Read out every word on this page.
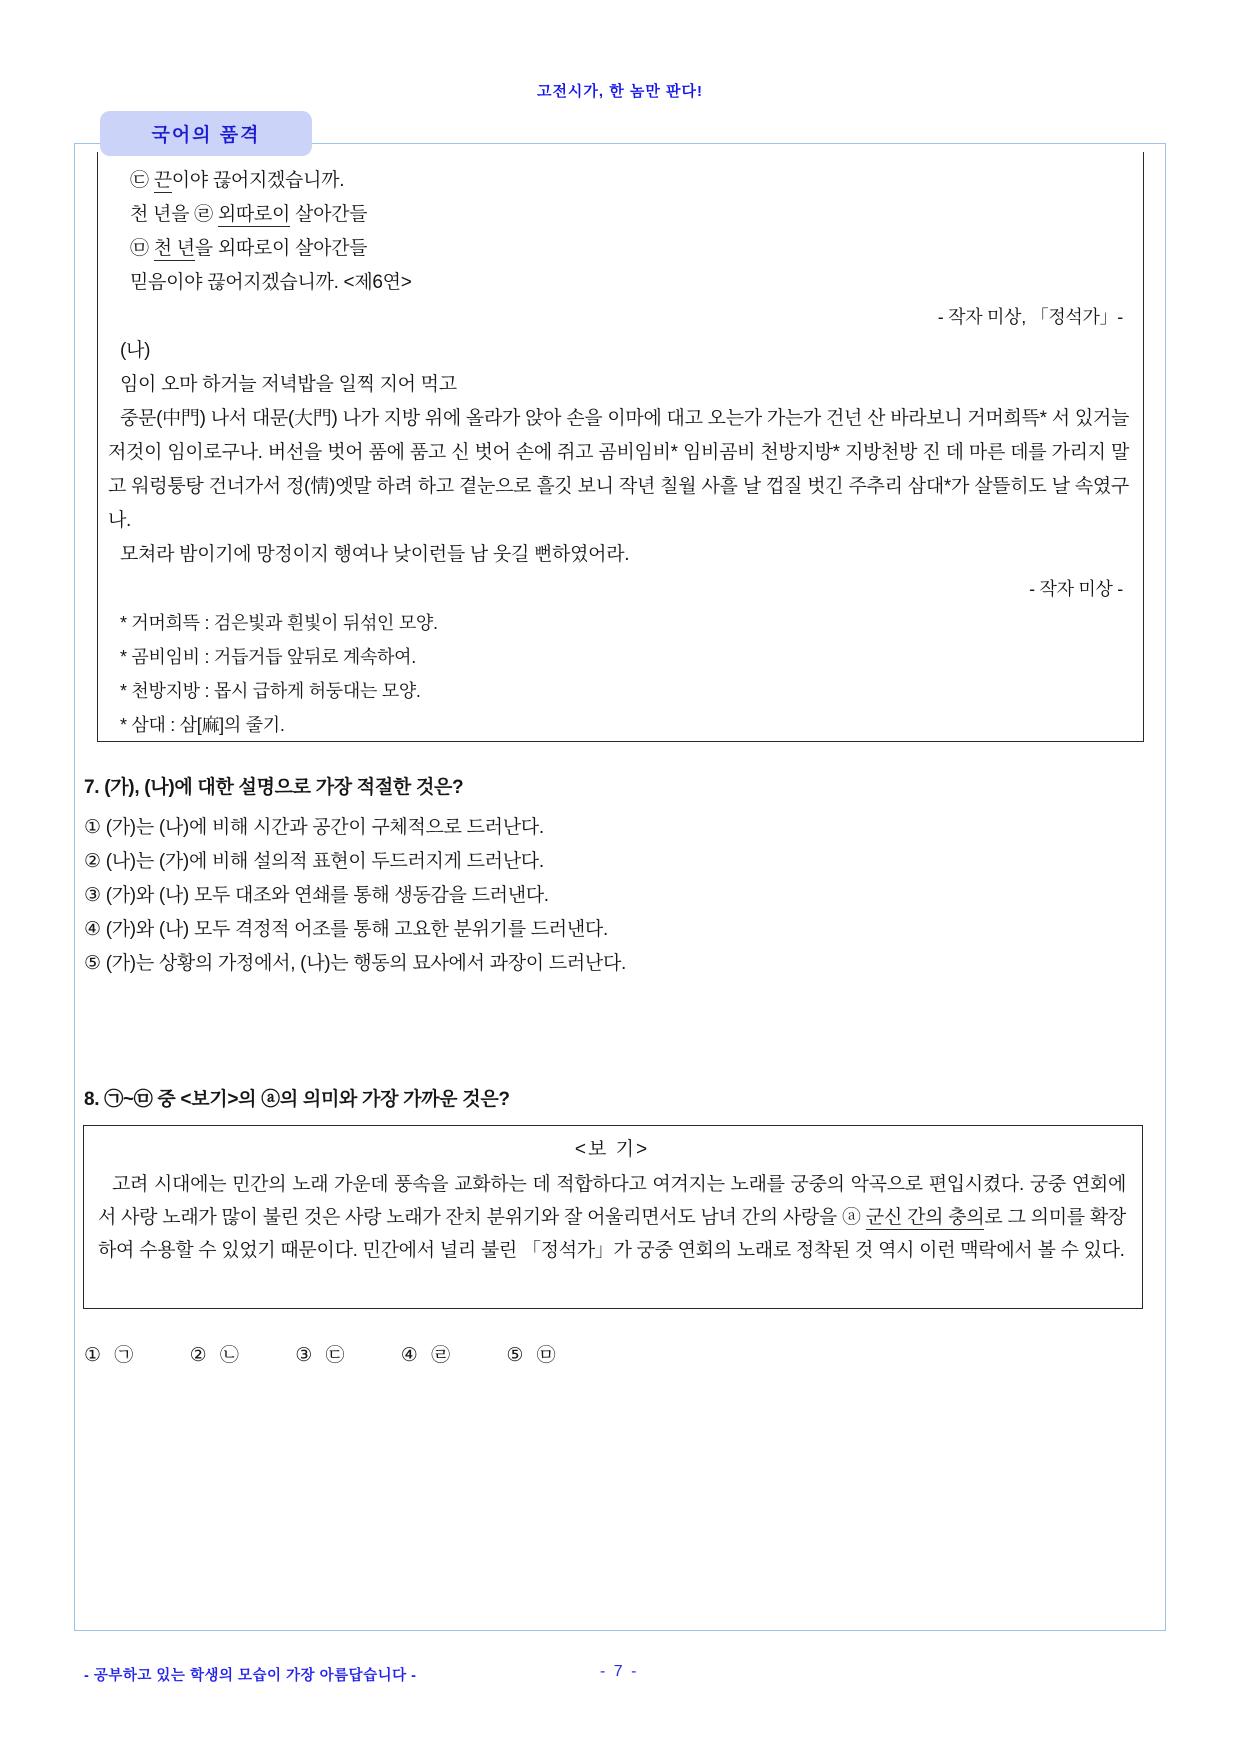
고전시가, 한 놈만 판다!
국어의 품격
㉢ 끈이야 끊어지겠습니까.
천 년을 ㉣ 외따로이 살아간들
㉤ 천 년을 외따로이 살아간들
믿음이야 끊어지겠습니까. <제6연>
- 작자 미상, 「정석가」-
(나)
임이 오마 하거늘 저녁밥을 일찍 지어 먹고

중문(中門) 나서 대문(大門) 나가 지방 위에 올라가 앉아 손을 이마에 대고 오는가 가는가 건넌 산 바라보니 거머희뜩* 서 있거늘 저것이 임이로구나. 버선을 벗어 품에 품고 신 벗어 손에 쥐고 곰비임비* 임비곰비 천방지방* 지방천방 진 데 마른 데를 가리지 말고 워렁퉁탕 건너가서 정(情)엣말 하려 하고 곁눈으로 흘깃 보니 작년 칠월 사흘 날 껍질 벗긴 주추리 삼대*가 살뜰히도 날 속였구나.

모쳐라 밤이기에 망정이지 행여나 낮이런들 남 웃길 뻔하였어라.
- 작자 미상 -
* 거머희뜩 : 검은빛과 흰빛이 뒤섞인 모양.
* 곰비임비 : 거듭거듭 앞뒤로 계속하여.
* 천방지방 : 몹시 급하게 허둥대는 모양.
* 삼대 : 삼[麻]의 줄기.
7. (가), (나)에 대한 설명으로 가장 적절한 것은?
① (가)는 (나)에 비해 시간과 공간이 구체적으로 드러난다.
② (나)는 (가)에 비해 설의적 표현이 두드러지게 드러난다.
③ (가)와 (나) 모두 대조와 연쇄를 통해 생동감을 드러낸다.
④ (가)와 (나) 모두 격정적 어조를 통해 고요한 분위기를 드러낸다.
⑤ (가)는 상황의 가정에서, (나)는 행동의 묘사에서 과장이 드러난다.
8. ㉠~㉤ 중 <보기>의 ⓐ의 의미와 가장 가까운 것은?
<보 기>

고려 시대에는 민간의 노래 가운데 풍속을 교화하는 데 적합하다고 여겨지는 노래를 궁중의 악곡으로 편입시켰다. 궁중 연회에서 사랑 노래가 많이 불린 것은 사랑 노래가 잔치 분위기와 잘 어울리면서도 남녀 간의 사랑을 ⓐ 군신 간의 충의로 그 의미를 확장하여 수용할 수 있었기 때문이다. 민간에서 널리 불린 「정석가」가 궁중 연회의 노래로 정착된 것 역시 이런 맥락에서 볼 수 있다.

① ㉠	② ㉡	③ ㉢	④ ㉣	⑤ ㉤
- 공부하고 있는 학생의 모습이 가장 아름답습니다 -	- 7 -
